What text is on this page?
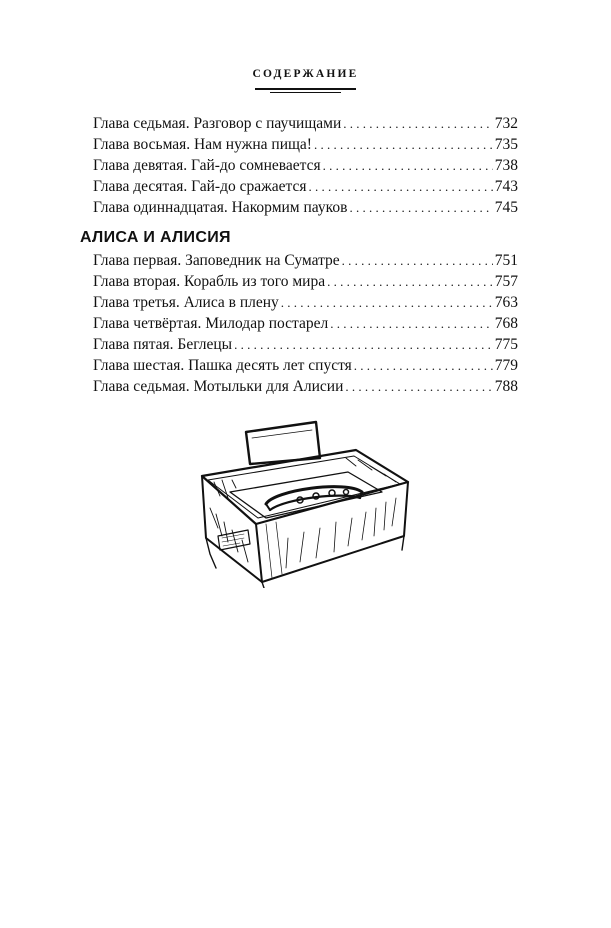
СОДЕРЖАНИЕ
Глава седьмая. Разговор с паучищами . . .	732
Глава восьмая. Нам нужна пища! . . .	735
Глава девятая. Гай-до сомневается . . .	738
Глава десятая. Гай-до сражается . . .	743
Глава одиннадцатая. Накормим пауков . . .	745
АЛИСА И АЛИСИЯ
Глава первая. Заповедник на Суматре . . .	751
Глава вторая. Корабль из того мира . . .	757
Глава третья. Алиса в плену . . .	763
Глава четвёртая. Милодар постарел . . .	768
Глава пятая. Беглецы . . .	775
Глава шестая. Пашка десять лет спустя . . .	779
Глава седьмая. Мотыльки для Алисии . . .	788
